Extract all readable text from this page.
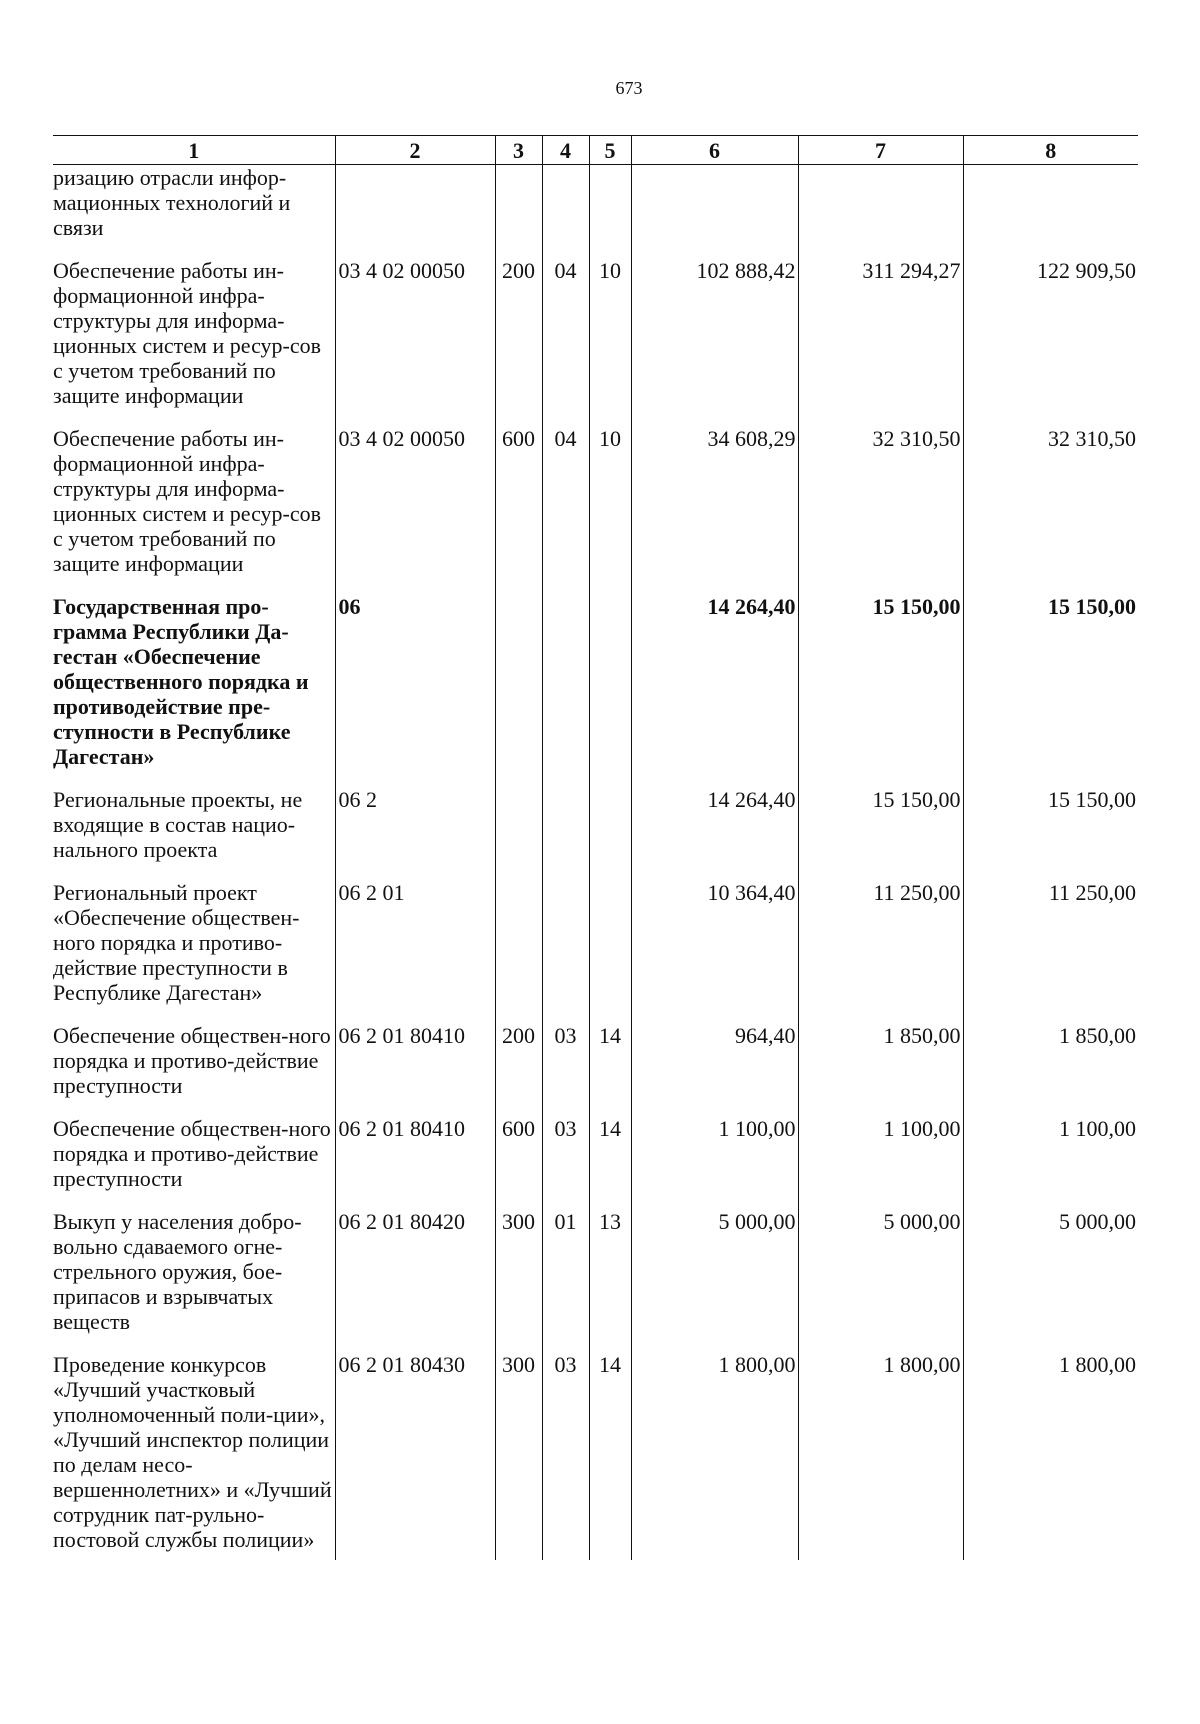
673
1	2	3	4	5	6	7	8
ризацию отрасли инфор-мационных технологий и связи							
Обеспечение работы ин-формационной инфра-структуры для информа-ционных систем и ресур-сов с учетом требований по защите информации	03 4 02 00050	200	04	10	102 888,42	311 294,27	122 909,50
Обеспечение работы ин-формационной инфра-структуры для информа-ционных систем и ресур-сов с учетом требований по защите информации	03 4 02 00050	600	04	10	34 608,29	32 310,50	32 310,50
Государственная про-грамма Республики Да-гестан «Обеспечение общественного порядка и противодействие пре-ступности в Республике Дагестан»	06				14 264,40	15 150,00	15 150,00
Региональные проекты, не входящие в состав нацио-нального проекта	06 2				14 264,40	15 150,00	15 150,00
Региональный проект «Обеспечение обществен-ного порядка и противо-действие преступности в Республике Дагестан»	06 2 01				10 364,40	11 250,00	11 250,00
Обеспечение обществен-ного порядка и противо-действие преступности	06 2 01 80410	200	03	14	964,40	1 850,00	1 850,00
Обеспечение обществен-ного порядка и противо-действие преступности	06 2 01 80410	600	03	14	1 100,00	1 100,00	1 100,00
Выкуп у населения добро-вольно сдаваемого огне-стрельного оружия, бое-припасов и взрывчатых веществ	06 2 01 80420	300	01	13	5 000,00	5 000,00	5 000,00
Проведение конкурсов «Лучший участковый уполномоченный поли-ции», «Лучший инспектор полиции по делам несо-вершеннолетних» и «Лучший сотрудник пат-рульно-постовой службы полиции»	06 2 01 80430	300	03	14	1 800,00	1 800,00	1 800,00
